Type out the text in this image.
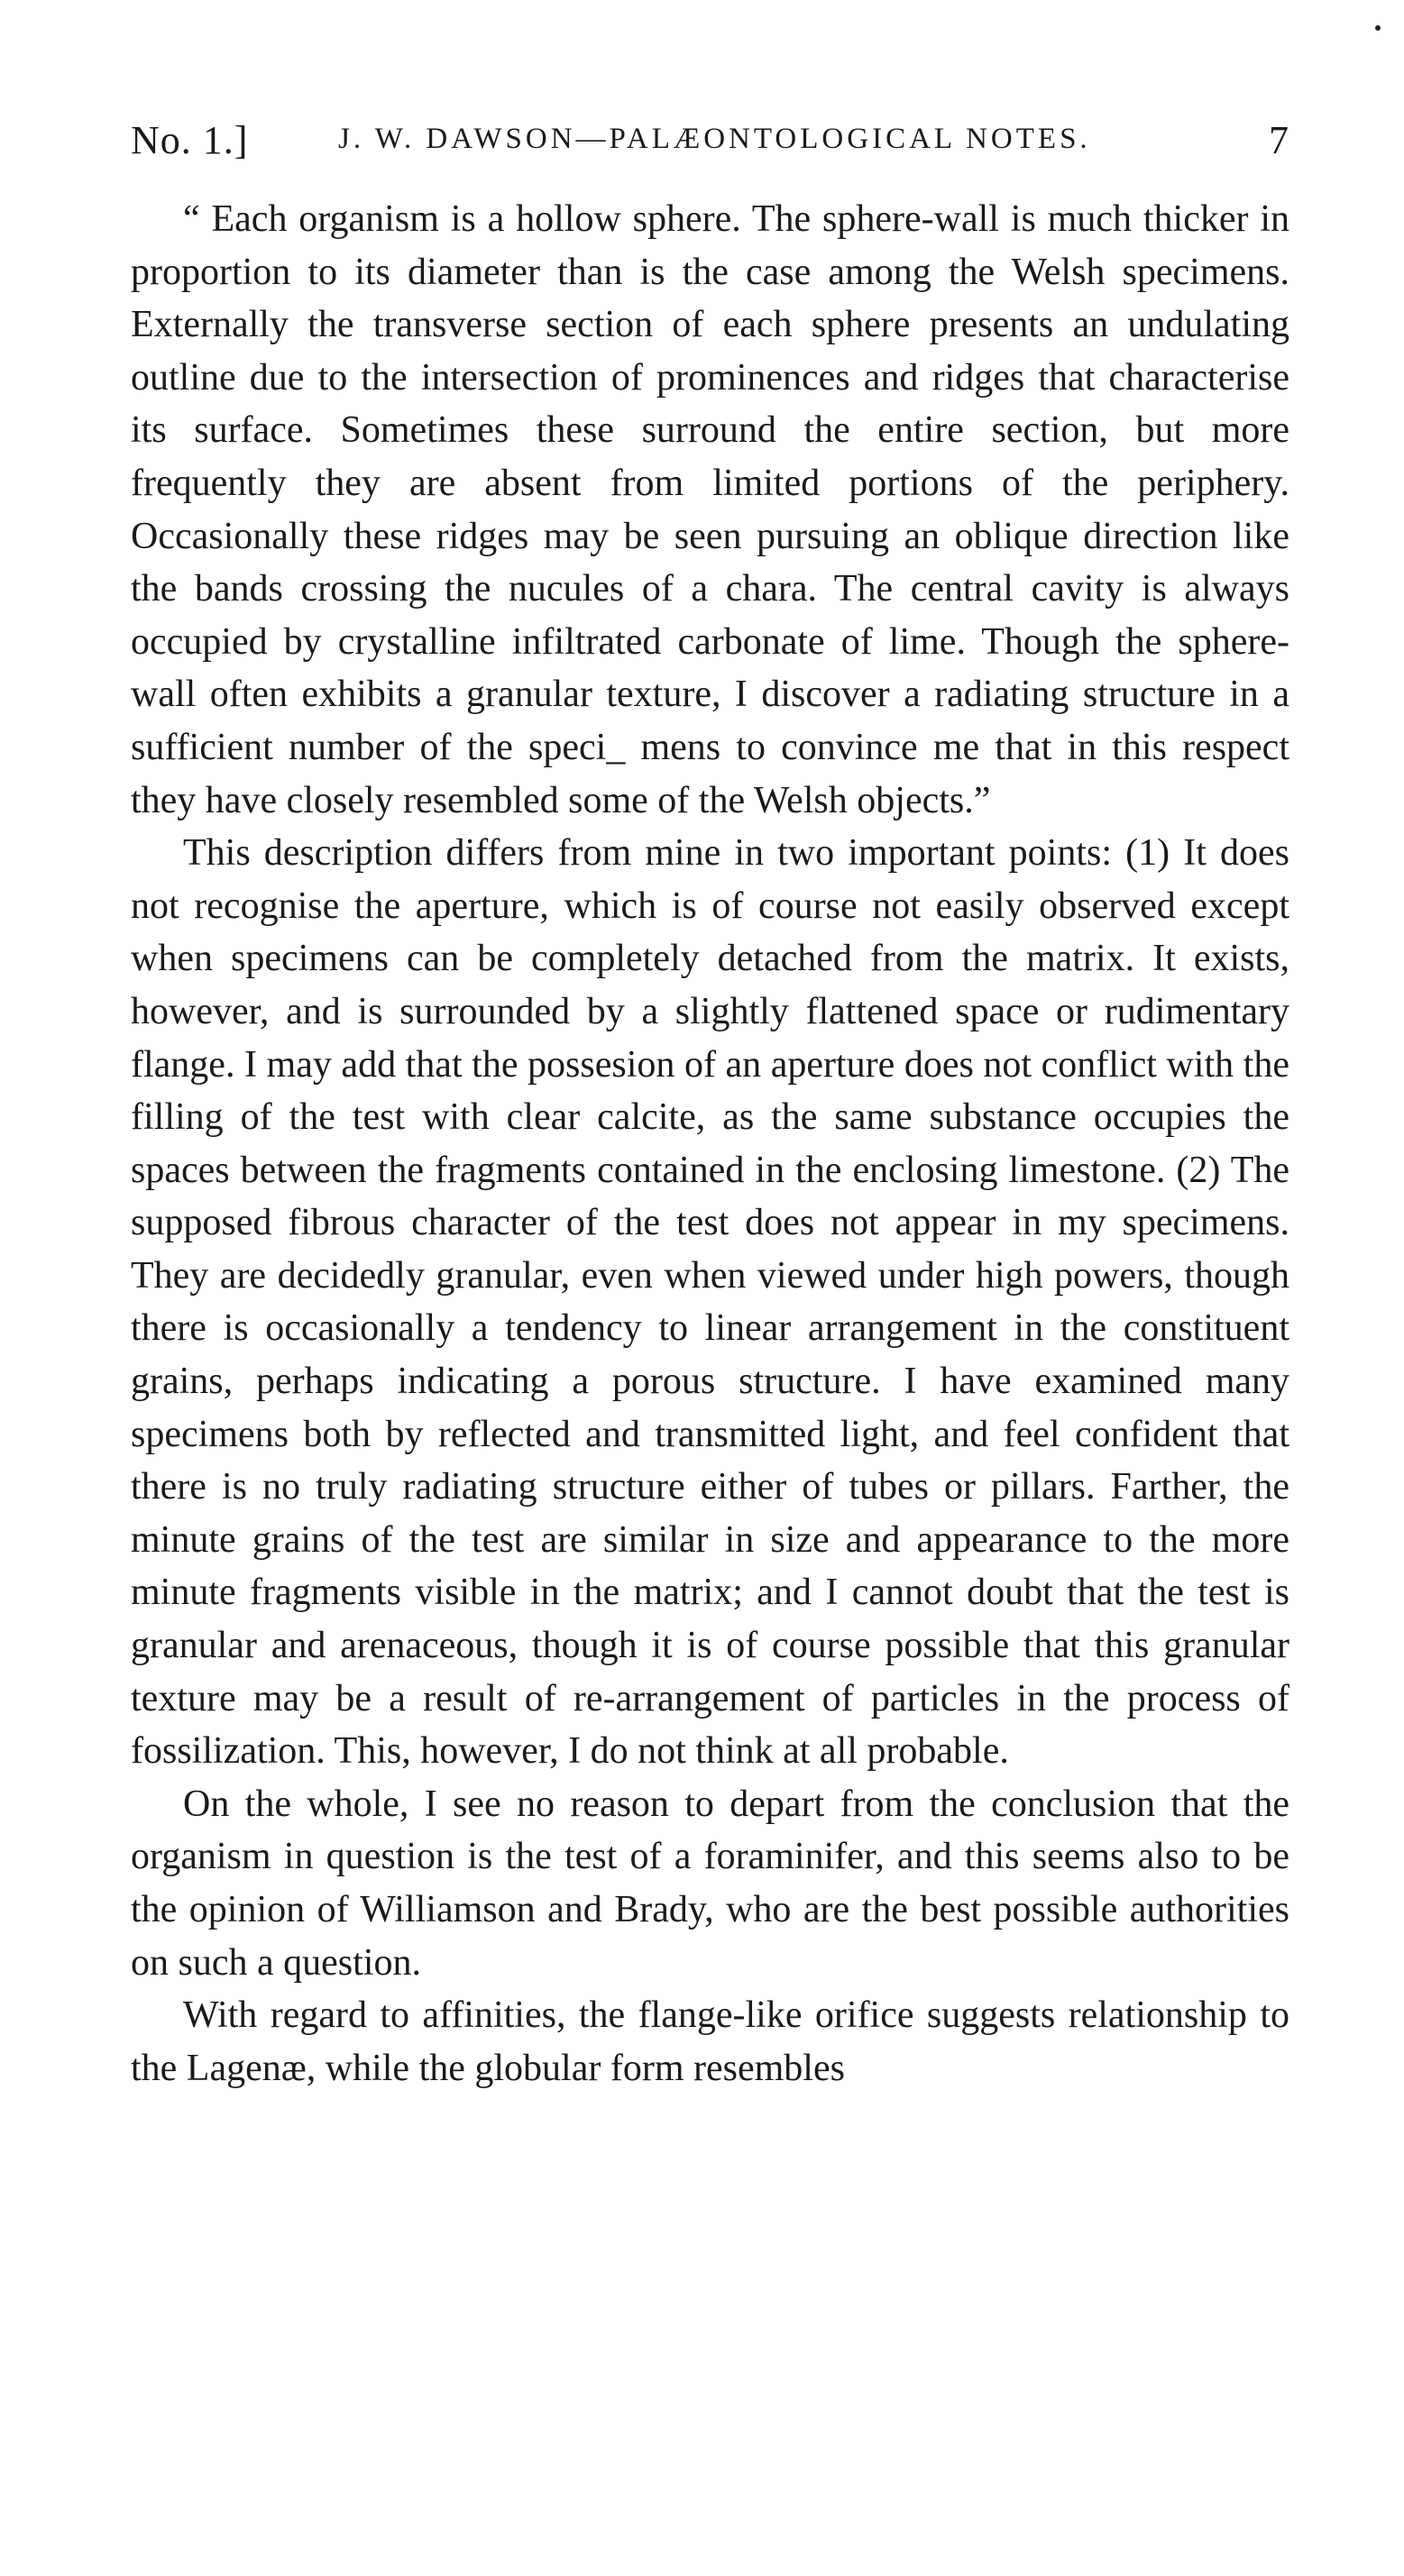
No. 1.]	J. W. DAWSON—PALÆONTOLOGICAL NOTES.	7

“ Each organism is a hollow sphere. The sphere-wall is much thicker in proportion to its diameter than is the case among the Welsh specimens. Externally the transverse section of each sphere presents an undulating outline due to the intersection of prominences and ridges that characterise its surface. Sometimes these surround the entire section, but more frequently they are absent from limited portions of the periphery. Occasionally these ridges may be seen pursuing an oblique direction like the bands crossing the nucules of a chara. The central cavity is always occupied by crystalline infiltrated carbonate of lime. Though the sphere-wall often exhibits a granular texture, I discover a radiating structure in a sufficient number of the speci_ mens to convince me that in this respect they have closely resembled some of the Welsh objects.”

This description differs from mine in two important points: (1) It does not recognise the aperture, which is of course not easily observed except when specimens can be completely detached from the matrix. It exists, however, and is surrounded by a slightly flattened space or rudimentary flange. I may add that the possesion of an aperture does not conflict with the filling of the test with clear calcite, as the same substance occupies the spaces between the fragments contained in the enclosing limestone. (2) The supposed fibrous character of the test does not appear in my specimens. They are decidedly granular, even when viewed under high powers, though there is occasionally a tendency to linear arrangement in the constituent grains, perhaps indicating a porous structure. I have examined many specimens both by reflected and transmitted light, and feel confident that there is no truly radiating structure either of tubes or pillars. Farther, the minute grains of the test are similar in size and appearance to the more minute fragments visible in the matrix; and I cannot doubt that the test is granular and arenaceous, though it is of course possible that this granular texture may be a result of re-arrangement of particles in the process of fossilization. This, however, I do not think at all probable.

On the whole, I see no reason to depart from the conclusion that the organism in question is the test of a foraminifer, and this seems also to be the opinion of Williamson and Brady, who are the best possible authorities on such a question.

With regard to affinities, the flange-like orifice suggests relationship to the Lagenæ, while the globular form resembles
